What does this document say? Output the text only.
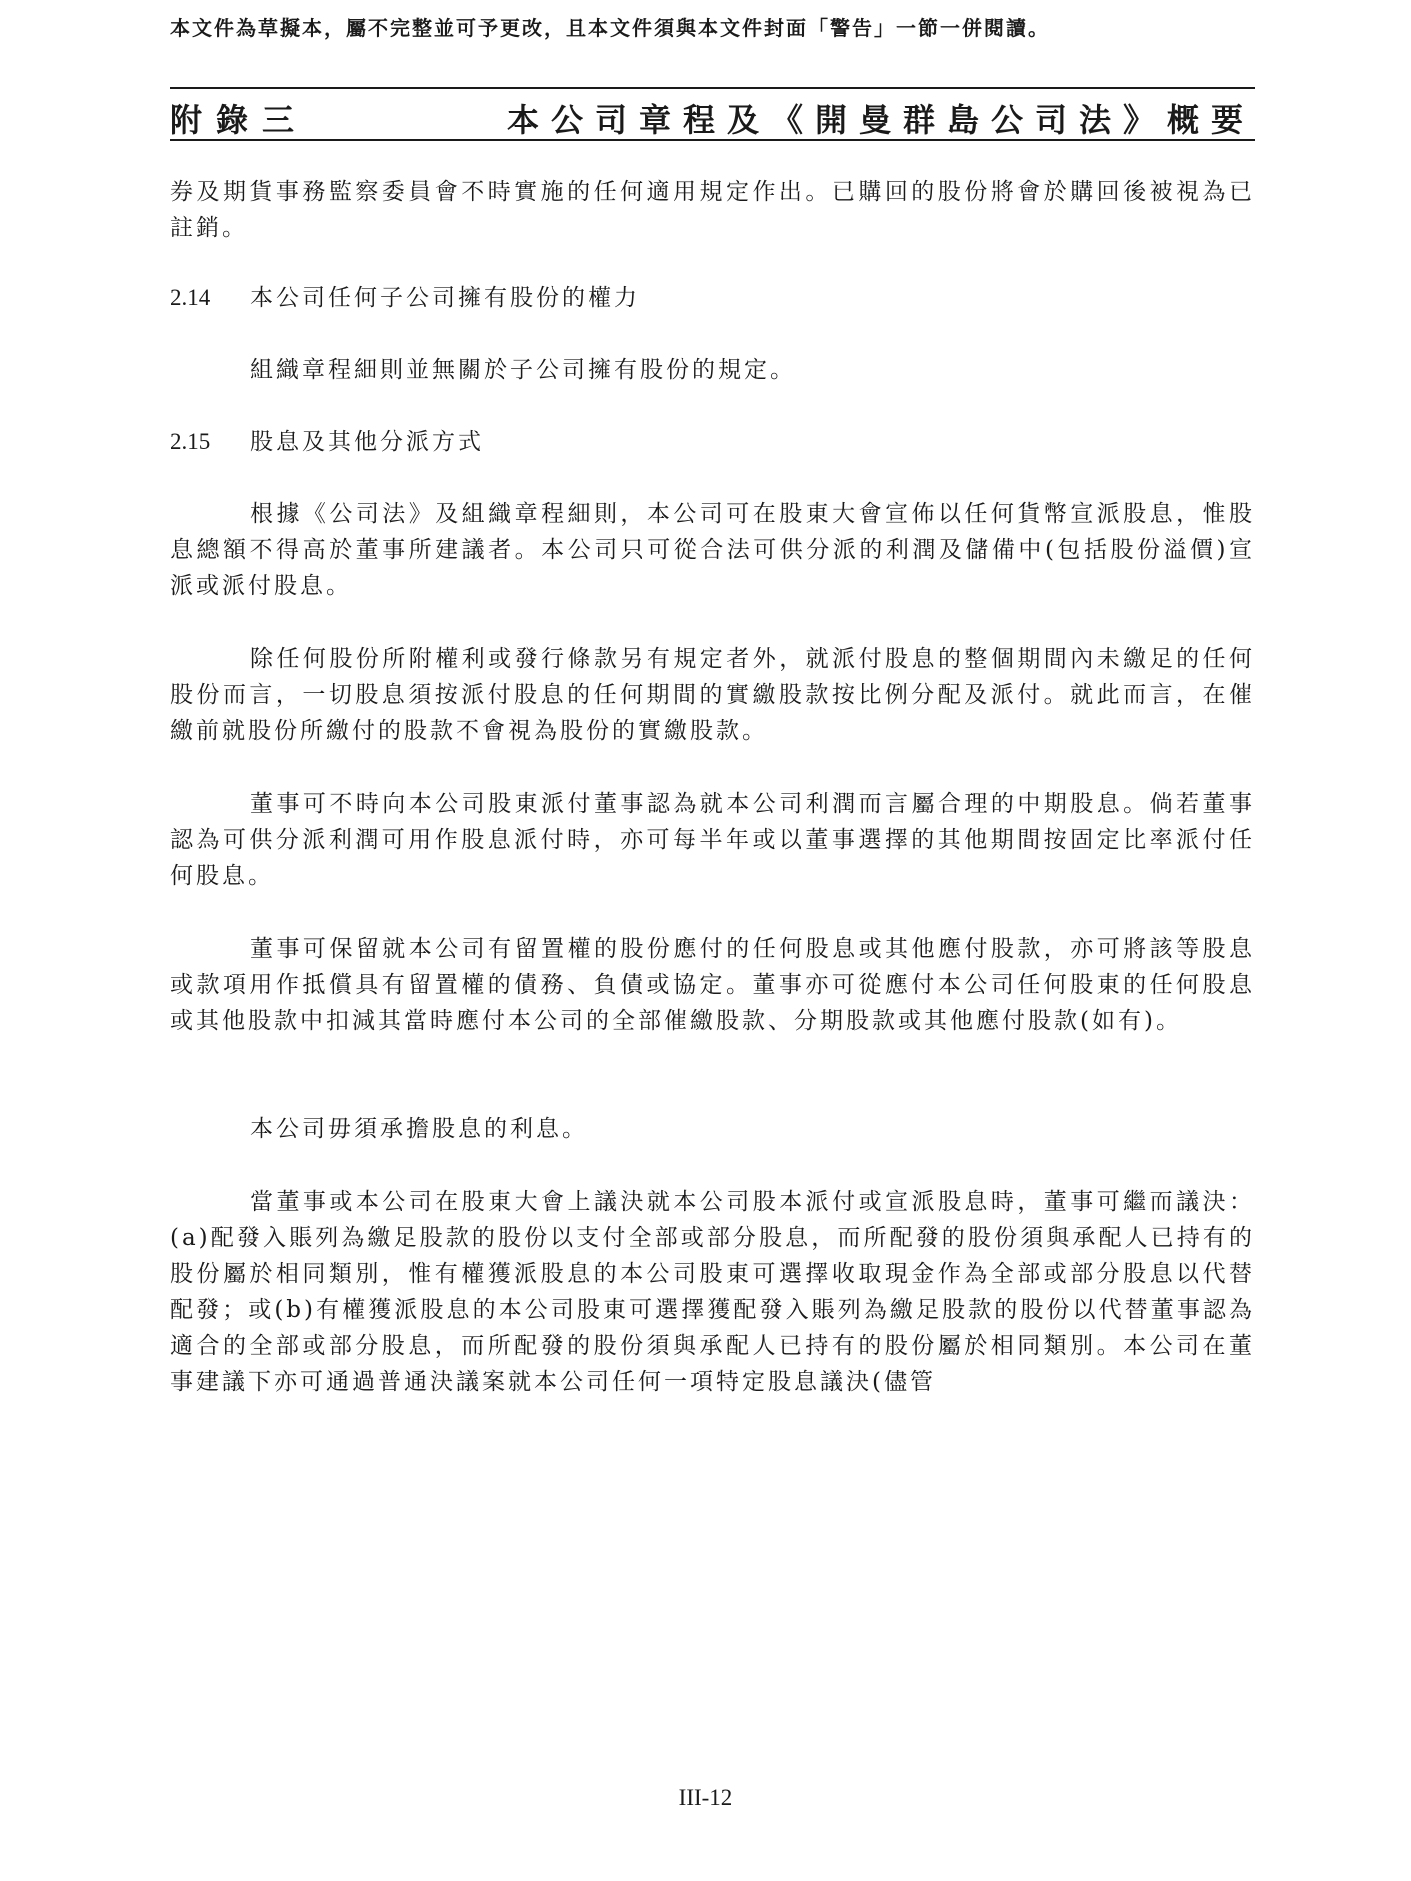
本文件為草擬本，屬不完整並可予更改，且本文件須與本文件封面「警告」一節一併閱讀。
附錄三	本公司章程及《開曼群島公司法》概要

券及期貨事務監察委員會不時實施的任何適用規定作出。已購回的股份將會於購回後被視為已註銷。

2.14 本公司任何子公司擁有股份的權力
組織章程細則並無關於子公司擁有股份的規定。
2.15 股息及其他分派方式

根據《公司法》及組織章程細則，本公司可在股東大會宣佈以任何貨幣宣派股息，惟股息總額不得高於董事所建議者。本公司只可從合法可供分派的利潤及儲備中(包括股份溢價)宣派或派付股息。

除任何股份所附權利或發行條款另有規定者外，就派付股息的整個期間內未繳足的任何股份而言，一切股息須按派付股息的任何期間的實繳股款按比例分配及派付。就此而言，在催繳前就股份所繳付的股款不會視為股份的實繳股款。

董事可不時向本公司股東派付董事認為就本公司利潤而言屬合理的中期股息。倘若董事認為可供分派利潤可用作股息派付時，亦可每半年或以董事選擇的其他期間按固定比率派付任何股息。

董事可保留就本公司有留置權的股份應付的任何股息或其他應付股款，亦可將該等股息或款項用作抵償具有留置權的債務、負債或協定。董事亦可從應付本公司任何股東的任何股息或其他股款中扣減其當時應付本公司的全部催繳股款、分期股款或其他應付股款(如有)。

本公司毋須承擔股息的利息。

當董事或本公司在股東大會上議決就本公司股本派付或宣派股息時，董事可繼而議決：(a)配發入賬列為繳足股款的股份以支付全部或部分股息，而所配發的股份須與承配人已持有的股份屬於相同類別，惟有權獲派股息的本公司股東可選擇收取現金作為全部或部分股息以代替配發；或(b)有權獲派股息的本公司股東可選擇獲配發入賬列為繳足股款的股份以代替董事認為適合的全部或部分股息，而所配發的股份須與承配人已持有的股份屬於相同類別。本公司在董事建議下亦可通過普通決議案就本公司任何一項特定股息議決(儘管

III-12
